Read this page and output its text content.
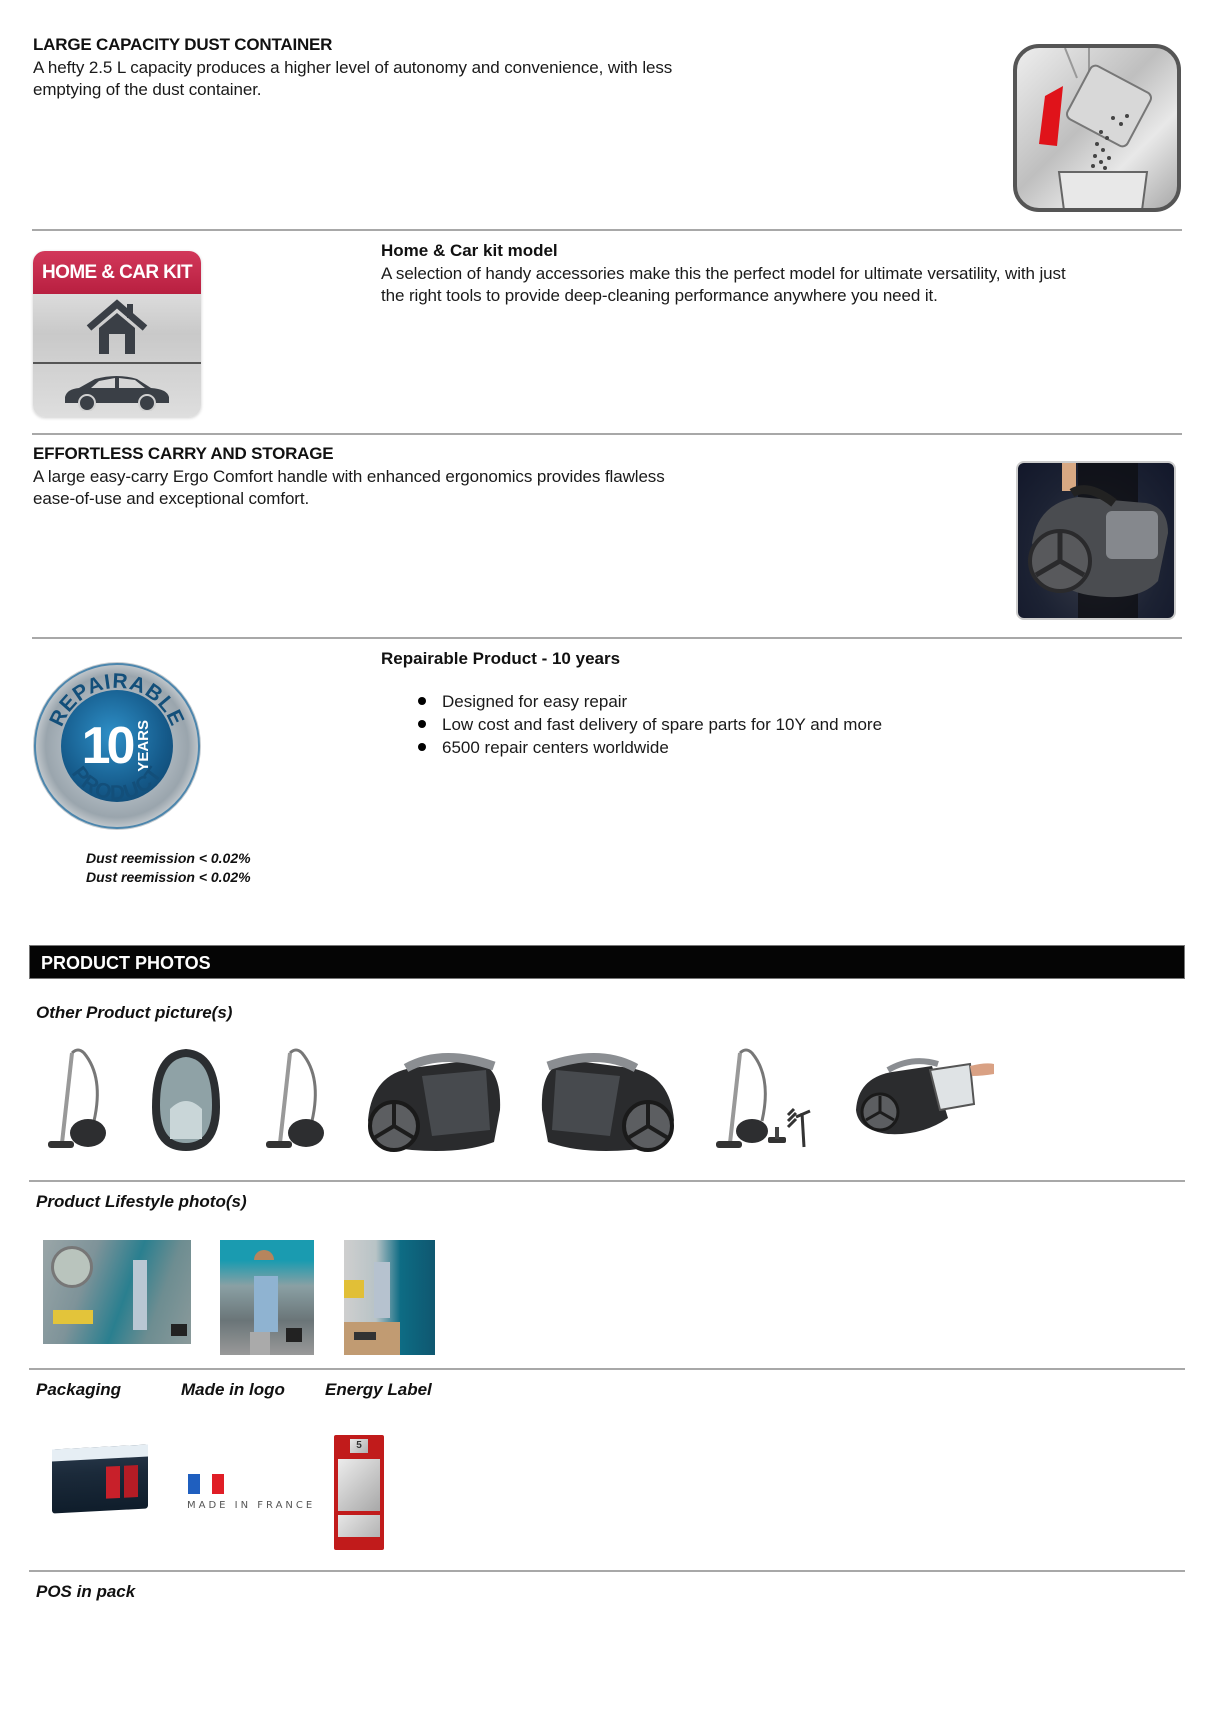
LARGE CAPACITY DUST CONTAINER
A hefty 2.5 L capacity produces a higher level of autonomy and convenience, with less
emptying of the dust container.
HOME & CAR KIT
Home & Car kit model
A selection of handy accessories make this the perfect model for ultimate versatility, with just
the right tools to provide deep-cleaning performance anywhere you need it.
EFFORTLESS CARRY AND STORAGE
A large easy-carry Ergo Comfort handle with enhanced ergonomics provides flawless
ease-of-use and exceptional comfort.
REPAIRABLE
PRODUCT
10 YEARS
Repairable Product - 10 years
Designed for easy repair
Low cost and fast delivery of spare parts for 10Y and more
6500 repair centers worldwide
Dust reemission < 0.02%
Dust reemission < 0.02%
PRODUCT PHOTOS
Other Product picture(s)
Product Lifestyle photo(s)
Packaging	Made in logo Energy Label
MADE IN FRANCE
5
POS in pack
